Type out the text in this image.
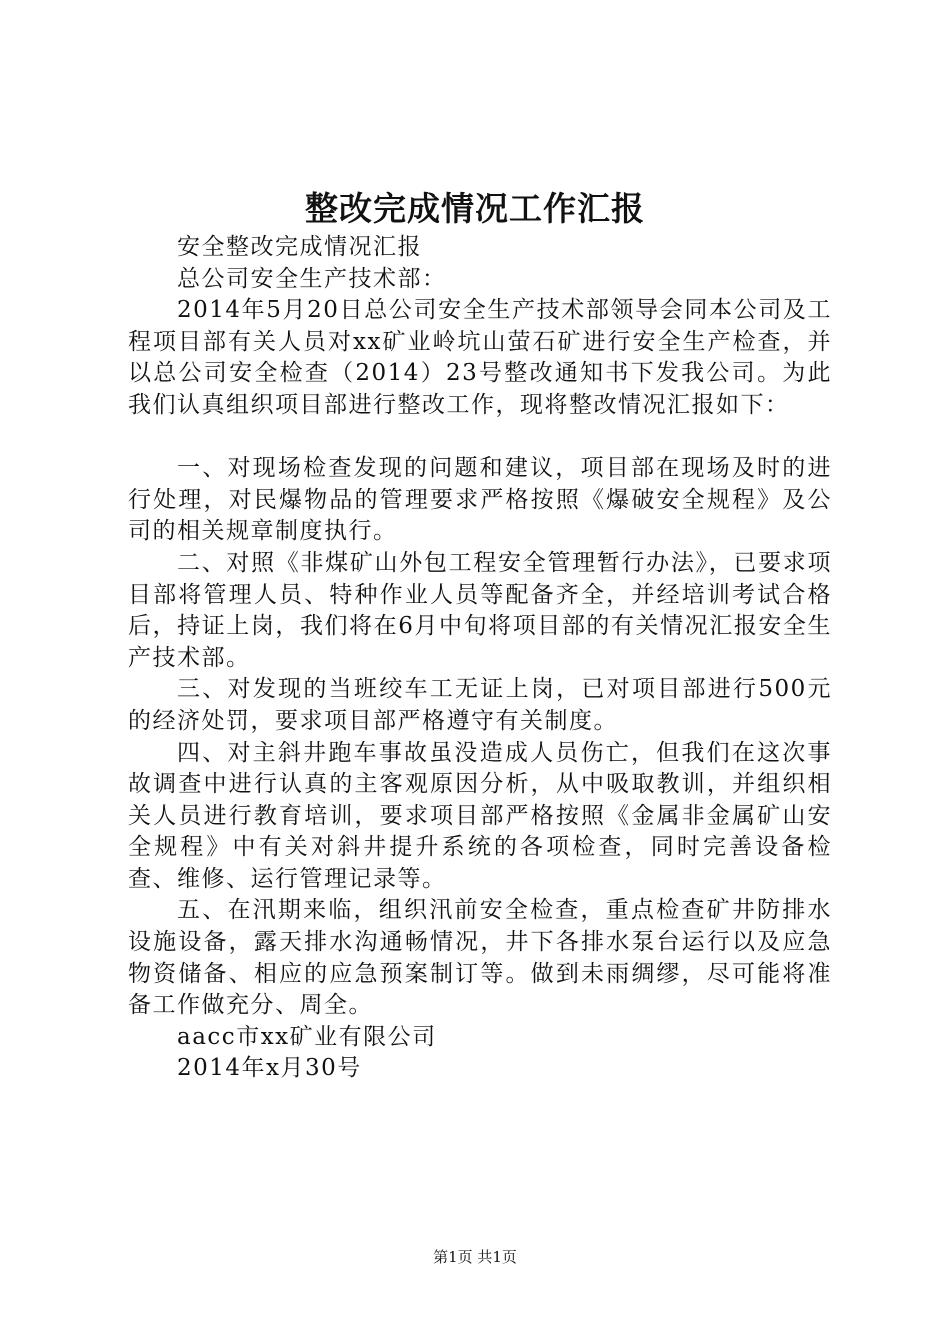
整改完成情况工作汇报

安全整改完成情况汇报

总公司安全生产技术部：

2014年5月20日总公司安全生产技术部领导会同本公司及工程项目部有关人员对xx矿业岭坑山萤石矿进行安全生产检查，并以总公司安全检查（2014）23号整改通知书下发我公司。为此我们认真组织项目部进行整改工作，现将整改情况汇报如下：

一、对现场检查发现的问题和建议，项目部在现场及时的进行处理，对民爆物品的管理要求严格按照《爆破安全规程》及公司的相关规章制度执行。

二、对照《非煤矿山外包工程安全管理暂行办法》，已要求项目部将管理人员、特种作业人员等配备齐全，并经培训考试合格后，持证上岗，我们将在6月中旬将项目部的有关情况汇报安全生产技术部。

三、对发现的当班绞车工无证上岗，已对项目部进行500元的经济处罚，要求项目部严格遵守有关制度。

四、对主斜井跑车事故虽没造成人员伤亡，但我们在这次事故调查中进行认真的主客观原因分析，从中吸取教训，并组织相关人员进行教育培训，要求项目部严格按照《金属非金属矿山安全规程》中有关对斜井提升系统的各项检查，同时完善设备检查、维修、运行管理记录等。

五、在汛期来临，组织汛前安全检查，重点检查矿井防排水设施设备，露天排水沟通畅情况，井下各排水泵台运行以及应急物资储备、相应的应急预案制订等。做到未雨绸缪，尽可能将准备工作做充分、周全。

aacc市xx矿业有限公司

2014年x月30号

第1页 共1页
